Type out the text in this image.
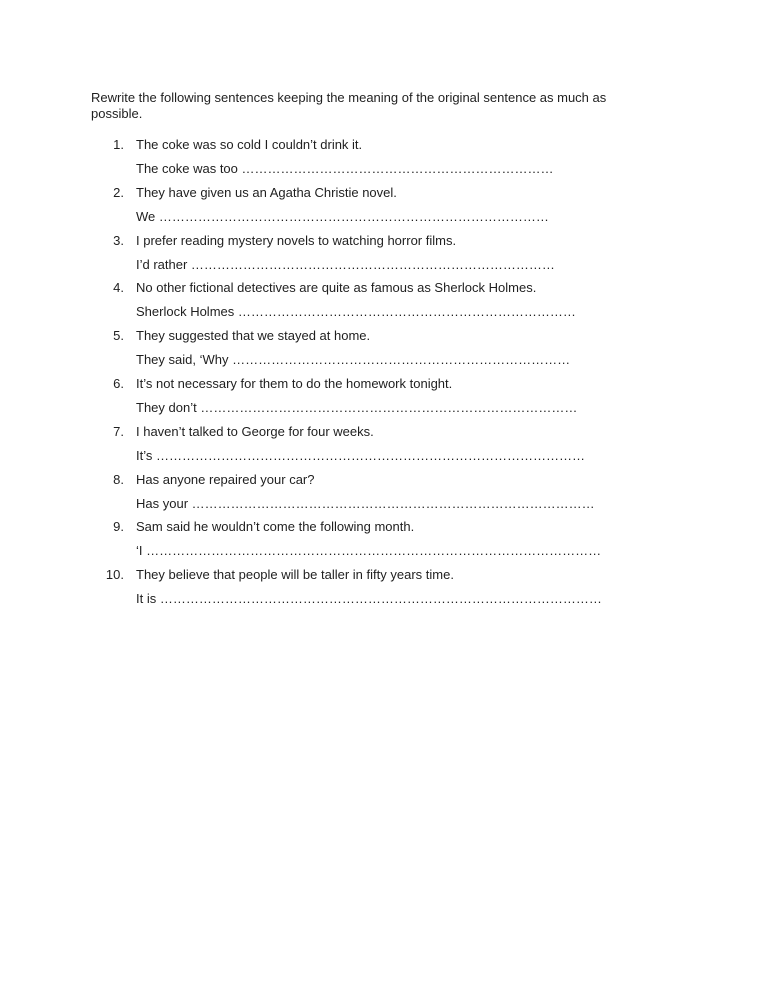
Rewrite the following sentences keeping the meaning of the original sentence as much as possible.

1. The coke was so cold I couldn’t drink it.
The coke was too ………………………………………………………………
2. They have given us an Agatha Christie novel.
We ………………………………………………………………………………
3. I prefer reading mystery novels to watching horror films.
I’d rather …………………………………………………………………………
4. No other fictional detectives are quite as famous as Sherlock Holmes.
Sherlock Holmes ……………………………………………………………………
5. They suggested that we stayed at home.
They said, ‘Why ……………………………………………………………………
6. It’s not necessary for them to do the homework tonight.
They don’t ……………………………………………………………………………
7. I haven’t talked to George for four weeks.
It’s ………………………………………………………………………………………
8. Has anyone repaired your car?
Has your …………………………………………………………………………………
9. Sam said he wouldn’t come the following month.
‘I ……………………………………………………………………………………………
10. They believe that people will be taller in fifty years time.
It is …………………………………………………………………………………………
